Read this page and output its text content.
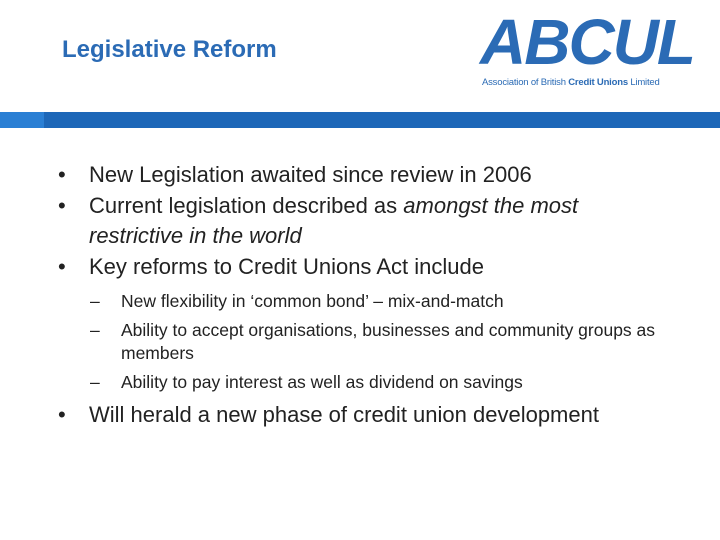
Legislative Reform	ABCUL
Association of British Credit Unions Limited
• New Legislation awaited since review in 2006
• Current legislation described as amongst the most restrictive in the world
• Key reforms to Credit Unions Act include
– New flexibility in ‘common bond’ – mix-and-match
– Ability to accept organisations, businesses and community groups as members
– Ability to pay interest as well as dividend on savings
• Will herald a new phase of credit union development
